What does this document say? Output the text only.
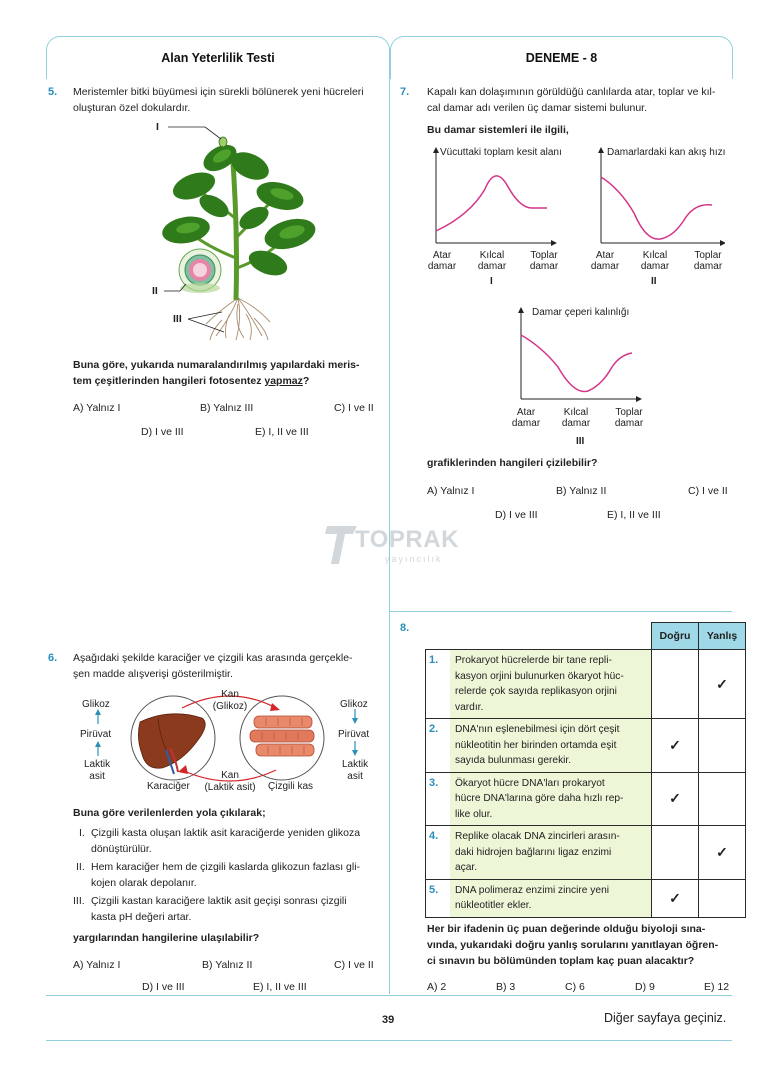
Alan Yeterlilik Testi	DENEME - 8
5. Meristemler bitki büyümesi için sürekli bölünerek yeni hücreleri
oluşturan özel dokulardır.
I
II
III
Buna göre, yukarıda numaralandırılmış yapılardaki meris-
tem çeşitlerinden hangileri fotosentez yapmaz?
A) Yalnız I	B) Yalnız III	C) I ve II
D) I ve III	E) I, II ve III
7. Kapalı kan dolaşımının görüldüğü canlılarda atar, toplar ve kıl-
cal damar adı verilen üç damar sistemi bulunur.
Bu damar sistemleri ile ilgili,
Vücuttaki toplam kesit alanı
Atar
damar
Kılcal
damar
Toplar
damar
I
Damarlardaki kan akış hızı
Atar
damar
Kılcal
damar
Toplar
damar
II
Damar çeperi kalınlığı
Atar
damar
Kılcal
damar
Toplar
damar
III
grafiklerinden hangileri çizilebilir?
A) Yalnız I	B) Yalnız II	C) I ve II
D) I ve III	E) I, II ve III
TOPRAK
yayıncılık
6. Aşağıdaki şekilde karaciğer ve çizgili kas arasında gerçekle-
şen madde alışverişi gösterilmiştir.
Glikoz
Pirüvat
Laktik
asit
Glikoz
Pirüvat
Laktik
asit
Kan
(Glikoz)
Kan
(Laktik asit)
Karaciğer	Çizgili kas
Buna göre verilenlerden yola çıkılarak;
I. Çizgili kasta oluşan laktik asit karaciğerde yeniden glikoza
dönüştürülür.
II. Hem karaciğer hem de çizgili kaslarda glikozun fazlası gli-
kojen olarak depolanır.
III. Çizgili kastan karaciğere laktik asit geçişi sonrası çizgili
kasta pH değeri artar.
yargılarından hangilerine ulaşılabilir?
A) Yalnız I	B) Yalnız II	C) I ve II
D) I ve III	E) I, II ve III
8.
		Doğru	Yanlış
1.	Prokaryot hücrelerde bir tane repli-
kasyon orjini bulunurken ökaryot hüc-
relerde çok sayıda replikasyon orjini
vardır.		✓
2.	DNA'nın eşlenebilmesi için dört çeşit
nükleotitin her birinden ortamda eşit
sayıda bulunması gerekir.	✓	
3.	Ökaryot hücre DNA'ları prokaryot
hücre DNA'larına göre daha hızlı rep-
like olur.	✓	
4.	Replike olacak DNA zincirleri arasın-
daki hidrojen bağlarını ligaz enzimi
açar.		✓
5.	DNA polimeraz enzimi zincire yeni
nükleotitler ekler.	✓	
Her bir ifadenin üç puan değerinde olduğu biyoloji sına-
vında, yukarıdaki doğru yanlış sorularını yanıtlayan öğren-
ci sınavın bu bölümünden toplam kaç puan alacaktır?
A) 2	B) 3	C) 6	D) 9	E) 12
39	Diğer sayfaya geçiniz.
